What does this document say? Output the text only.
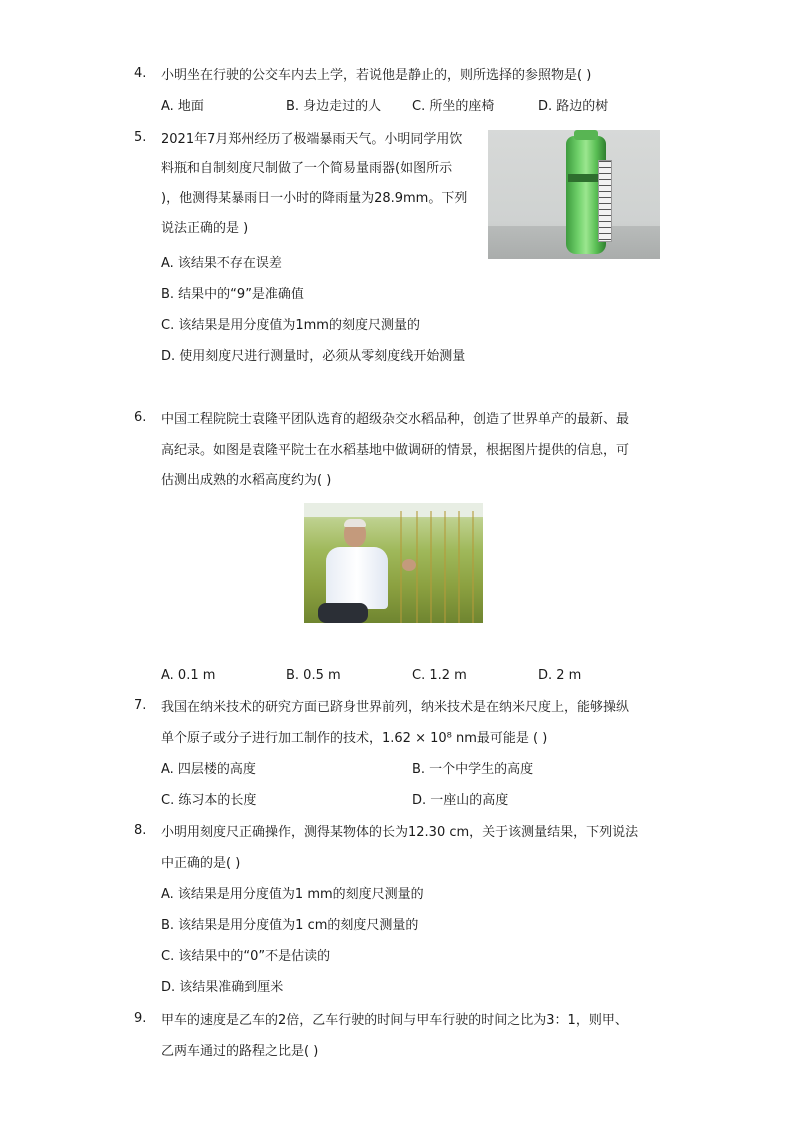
4.	小明坐在行驶的公交车内去上学，若说他是静止的，则所选择的参照物是( )
A. 地面	B. 身边走过的人 C. 所坐的座椅	D. 路边的树
5.	2021年7月郑州经历了极端暴雨天气。小明同学用饮
料瓶和自制刻度尺制做了一个简易量雨器(如图所示
)，他测得某暴雨日一小时的降雨量为28.9mm。下列
说法正确的是 )
A. 该结果不存在误差
B. 结果中的“9”是准确值
C. 该结果是用分度值为1mm的刻度尺测量的
D. 使用刻度尺进行测量时，必须从零刻度线开始测量
6.	中国工程院院士袁隆平团队选育的超级杂交水稻品种，创造了世界单产的最新、最
高纪录。如图是袁隆平院士在水稻基地中做调研的情景，根据图片提供的信息，可
估测出成熟的水稻高度约为( )
A. 0.1 m	B. 0.5 m	C. 1.2 m	D. 2 m
7.	我国在纳米技术的研究方面已跻身世界前列，纳米技术是在纳米尺度上，能够操纵
单个原子或分子进行加工制作的技术，1.62 × 10⁸ nm最可能是 ( )
A. 四层楼的高度	B. 一个中学生的高度
C. 练习本的长度	D. 一座山的高度
8.	小明用刻度尺正确操作，测得某物体的长为12.30 cm，关于该测量结果，下列说法
中正确的是( )
A. 该结果是用分度值为1 mm的刻度尺测量的
B. 该结果是用分度值为1 cm的刻度尺测量的
C. 该结果中的“0”不是估读的
D. 该结果准确到厘米
9.	甲车的速度是乙车的2倍，乙车行驶的时间与甲车行驶的时间之比为3：1，则甲、
乙两车通过的路程之比是( )
